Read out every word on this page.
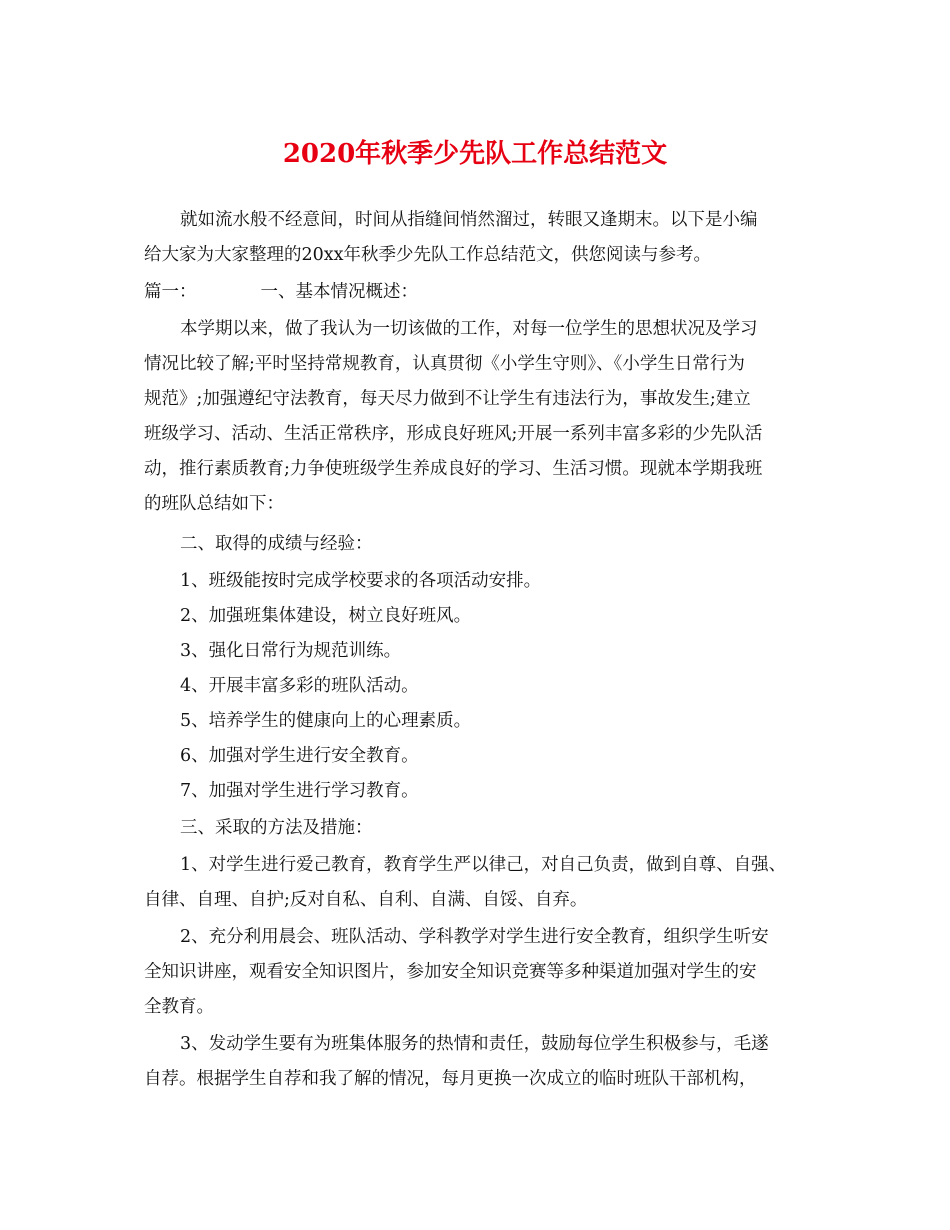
2020年秋季少先队工作总结范文
就如流水般不经意间，时间从指缝间悄然溜过，转眼又逢期末。以下是小编
给大家为大家整理的20xx年秋季少先队工作总结范文，供您阅读与参考。
篇一：	一、基本情况概述：
本学期以来，做了我认为一切该做的工作，对每一位学生的思想状况及学习
情况比较了解;平时坚持常规教育，认真贯彻《小学生守则》、《小学生日常行为
规范》;加强遵纪守法教育，每天尽力做到不让学生有违法行为，事故发生;建立
班级学习、活动、生活正常秩序，形成良好班风;开展一系列丰富多彩的少先队活
动，推行素质教育;力争使班级学生养成良好的学习、生活习惯。现就本学期我班
的班队总结如下：
二、取得的成绩与经验：
1、班级能按时完成学校要求的各项活动安排。
2、加强班集体建设，树立良好班风。
3、强化日常行为规范训练。
4、开展丰富多彩的班队活动。
5、培养学生的健康向上的心理素质。
6、加强对学生进行安全教育。
7、加强对学生进行学习教育。
三、采取的方法及措施：
1、对学生进行爱己教育，教育学生严以律己，对自己负责，做到自尊、自强、
自律、自理、自护;反对自私、自利、自满、自馁、自弃。
2、充分利用晨会、班队活动、学科教学对学生进行安全教育，组织学生听安
全知识讲座，观看安全知识图片，参加安全知识竞赛等多种渠道加强对学生的安
全教育。
3、发动学生要有为班集体服务的热情和责任，鼓励每位学生积极参与，毛遂
自荐。根据学生自荐和我了解的情况，每月更换一次成立的临时班队干部机构，
